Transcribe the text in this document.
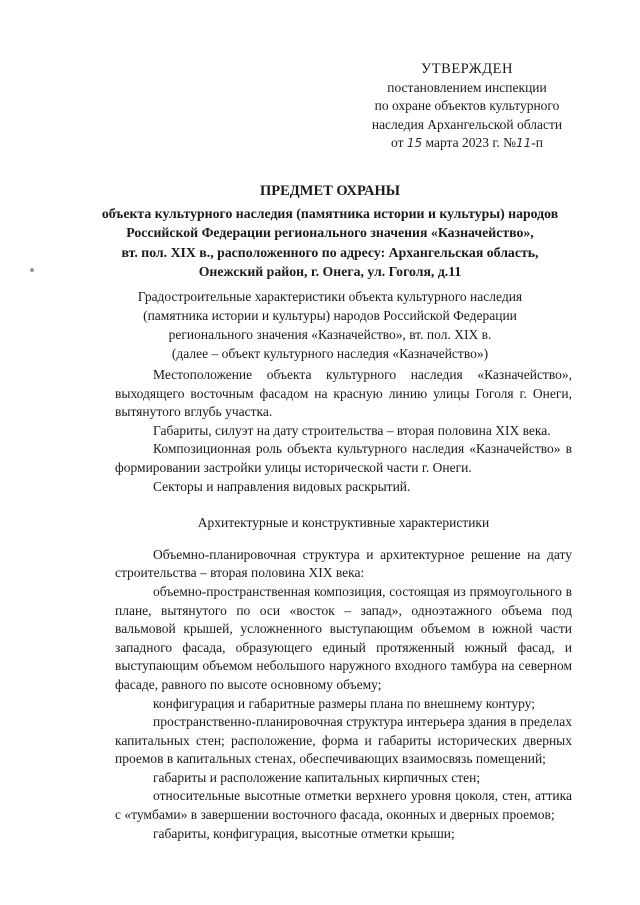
УТВЕРЖДЕН
постановлением инспекции
по охране объектов культурного
наследия Архангельской области
от 15 марта 2023 г. №11-п
ПРЕДМЕТ ОХРАНЫ
объекта культурного наследия (памятника истории и культуры) народов
Российской Федерации регионального значения «Казначейство»,
вт. пол. XIX в., расположенного по адресу: Архангельская область,
Онежский район, г. Онега, ул. Гоголя, д.11
Градостроительные характеристики объекта культурного наследия
(памятника истории и культуры) народов Российской Федерации
регионального значения «Казначейство», вт. пол. XIX в.
(далее – объект культурного наследия «Казначейство»)

Местоположение объекта культурного наследия «Казначейство», выходящего восточным фасадом на красную линию улицы Гоголя г. Онеги, вытянутого вглубь участка.

Габариты, силуэт на дату строительства – вторая половина XIX века.

Композиционная роль объекта культурного наследия «Казначейство» в формировании застройки улицы исторической части г. Онеги.

Секторы и направления видовых раскрытий.

Архитектурные и конструктивные характеристики

Объемно-планировочная структура и архитектурное решение на дату строительства – вторая половина XIX века:

объемно-пространственная композиция, состоящая из прямоугольного в плане, вытянутого по оси «восток – запад», одноэтажного объема под вальмовой крышей, усложненного выступающим объемом в южной части западного фасада, образующего единый протяженный южный фасад, и выступающим объемом небольшого наружного входного тамбура на северном фасаде, равного по высоте основному объему;

конфигурация и габаритные размеры плана по внешнему контуру;

пространственно-планировочная структура интерьера здания в пределах капитальных стен; расположение, форма и габариты исторических дверных проемов в капитальных стенах, обеспечивающих взаимосвязь помещений;

габариты и расположение капитальных кирпичных стен;

относительные высотные отметки верхнего уровня цоколя, стен, аттика с «тумбами» в завершении восточного фасада, оконных и дверных проемов;

габариты, конфигурация, высотные отметки крыши;
